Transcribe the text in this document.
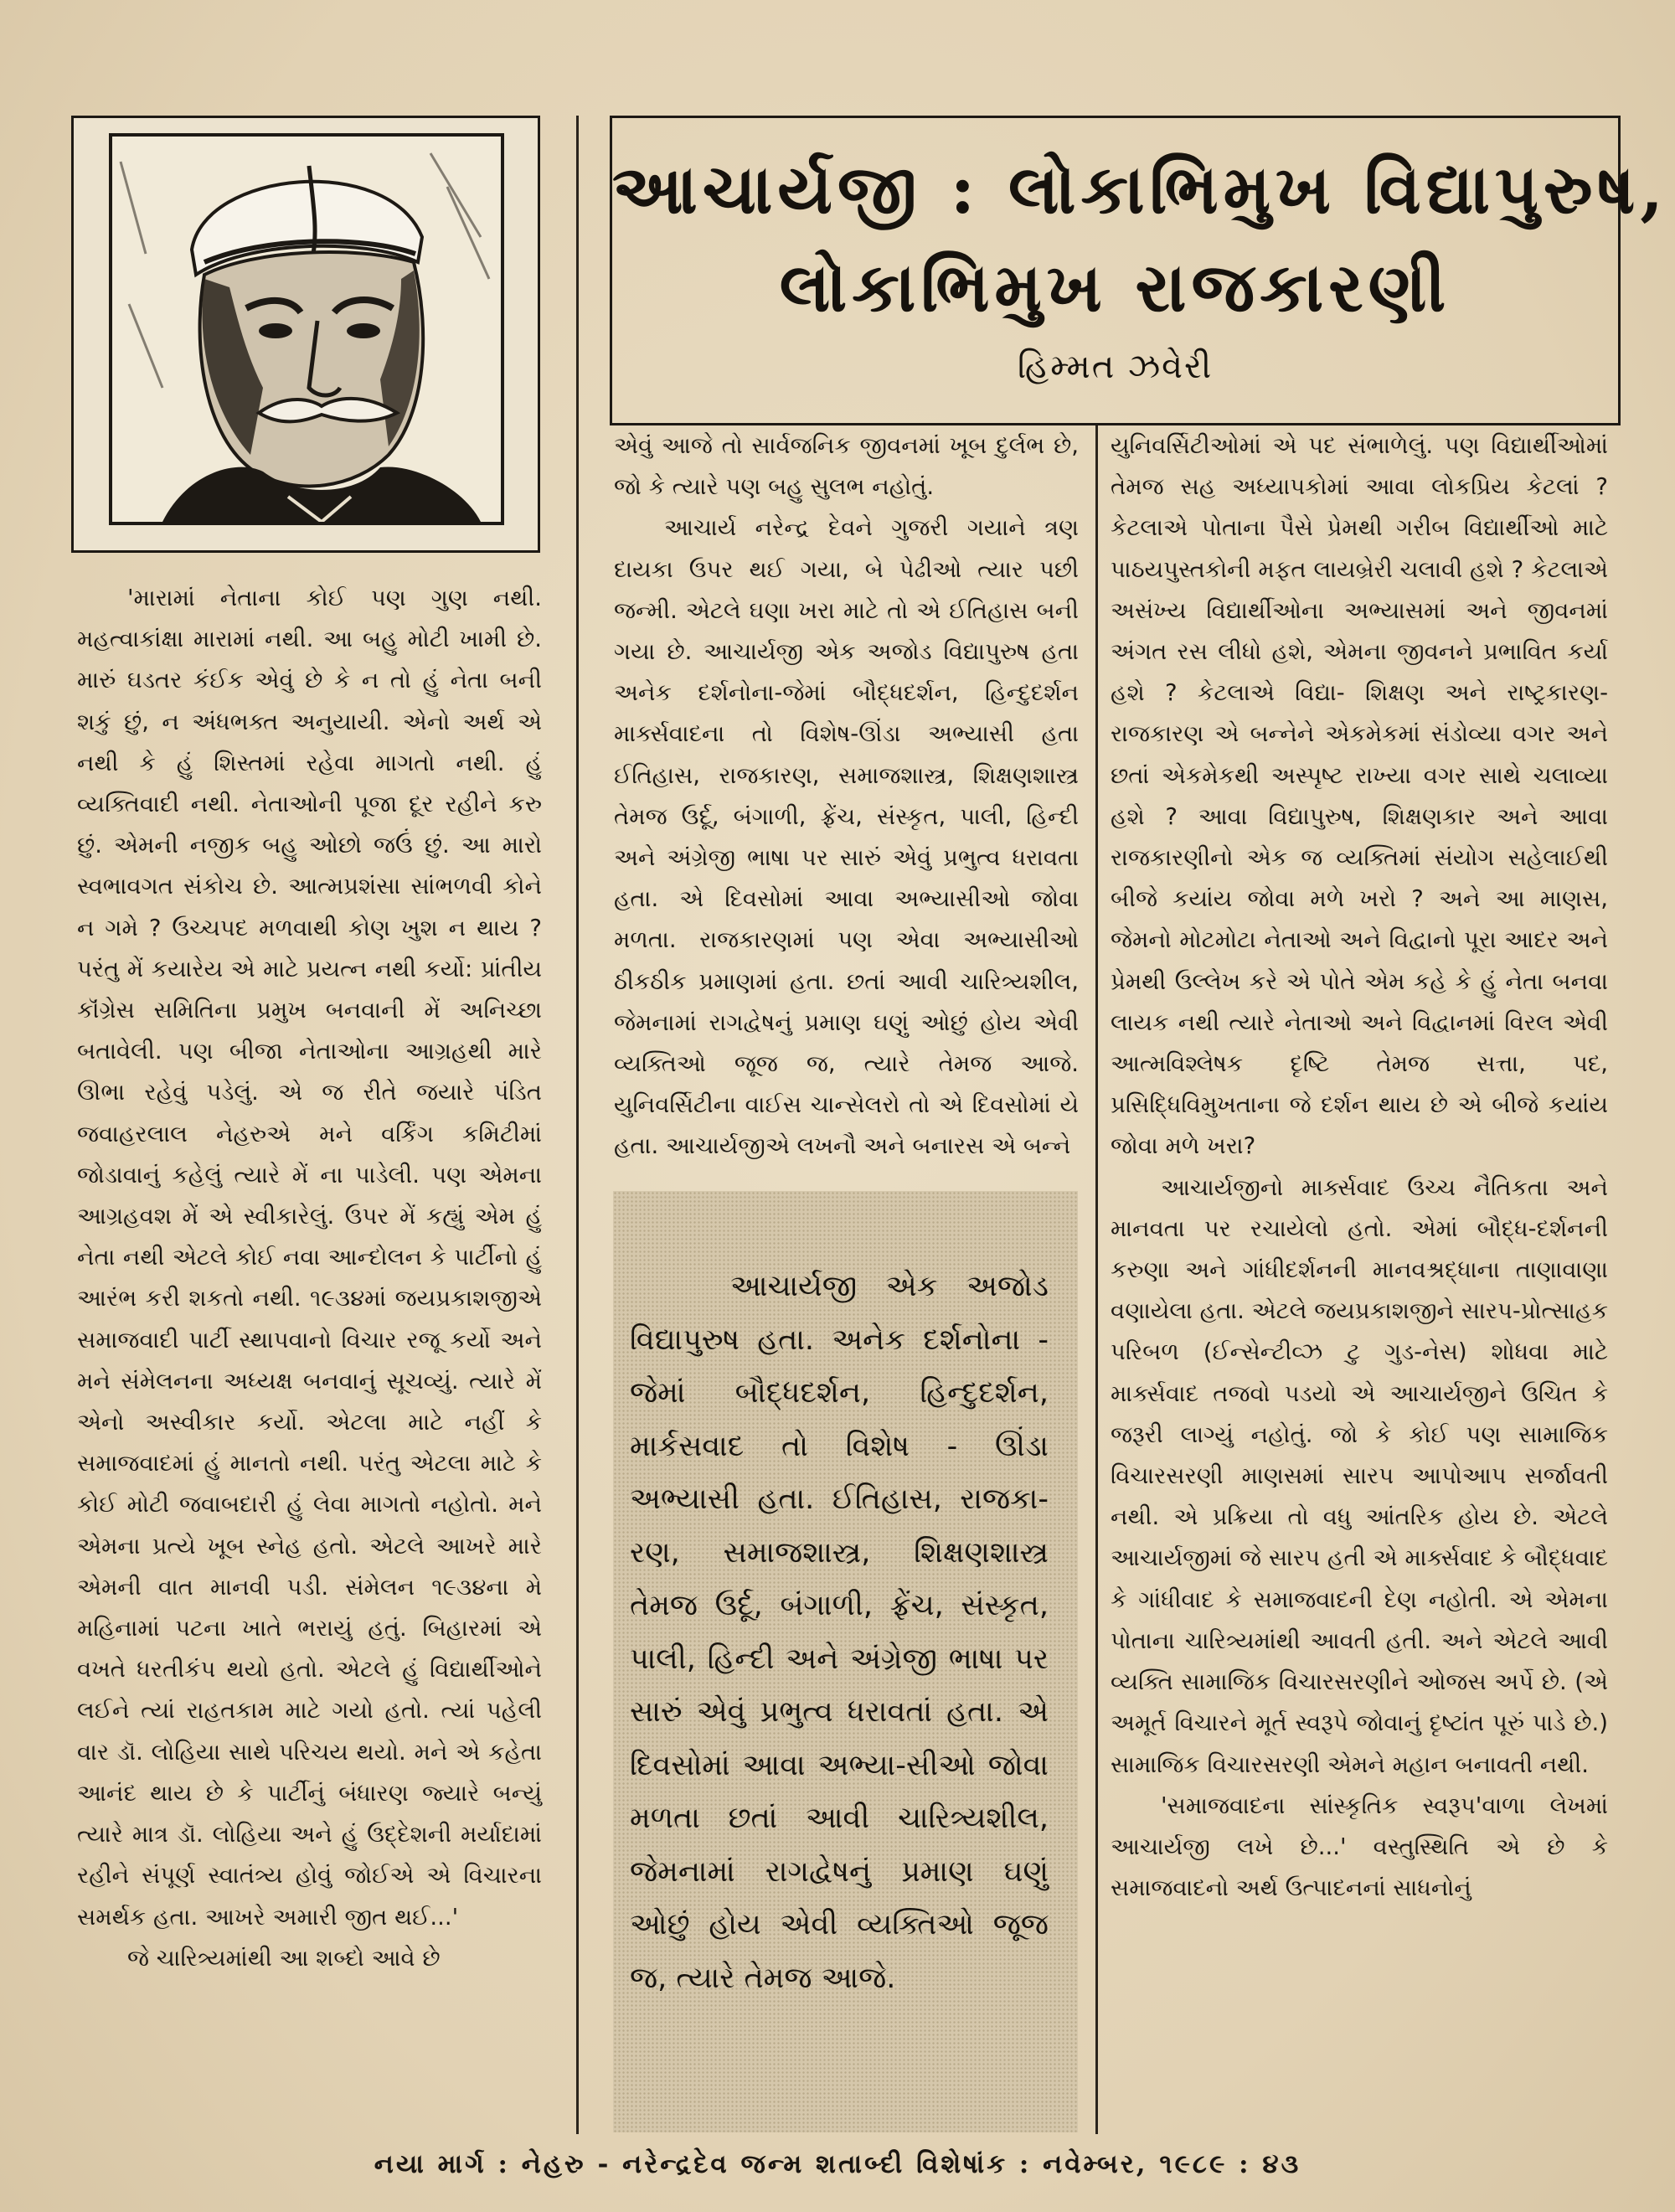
આચાર્યજી : લોકાભિમુખ વિદ્યાપુરુષ,
લોકાભિમુખ રાજકારણી
હિમ્મત ઝવેરી

'મારામાં નેતાના કોઈ પણ ગુણ નથી. મહત્વાકાંક્ષા મારામાં નથી. આ બહુ મોટી ખામી છે. મારું ઘડતર કંઈક એવું છે કે ન તો હું નેતા બની શકું છું, ન અંધભક્ત અનુયાયી. એનો અર્થ એ નથી કે હું શિસ્તમાં રહેવા માગતો નથી. હું વ્યક્તિવાદી નથી. નેતાઓની પૂજા દૂર રહીને કરુ છું. એમની નજીક બહુ ઓછો જઉં છું. આ મારો સ્વભાવગત સંકોચ છે. આત્મપ્રશંસા સાંભળવી કોને ન ગમે ? ઉચ્ચપદ મળવાથી કોણ ખુશ ન થાય ? પરંતુ મેં કયારેય એ માટે પ્રયત્ન નથી કર્યો: પ્રાંતીય કૉંગ્રેસ સમિતિના પ્રમુખ બનવાની મેં અનિચ્છા બતાવેલી. પણ બીજા નેતાઓના આગ્રહથી મારે ઊભા રહેવું પડેલું. એ જ રીતે જયારે પંડિત જવાહરલાલ નેહરુએ મને વર્કિંગ કમિટીમાં જોડાવાનું કહેલું ત્યારે મેં ના પાડેલી. પણ એમના આગ્રહવશ મેં એ સ્વીકારેલું. ઉપર મેં કહ્યું એમ હું નેતા નથી એટલે કોઈ નવા આન્દોલન કે પાર્ટીનો હું આરંભ કરી શકતો નથી. ૧૯૩૪માં જયપ્રકાશજીએ સમાજવાદી પાર્ટી સ્થાપવાનો વિચાર રજૂ કર્યો અને મને સંમેલનના અધ્યક્ષ બનવાનું સૂચવ્યું. ત્યારે મેં એનો અસ્વીકાર કર્યો. એટલા માટે નહીં કે સમાજવાદમાં હું માનતો નથી. પરંતુ એટલા માટે કે કોઈ મોટી જવાબદારી હું લેવા માગતો નહોતો. મને એમના પ્રત્યે ખૂબ સ્નેહ હતો. એટલે આખરે મારે એમની વાત માનવી પડી. સંમેલન ૧૯૩૪ના મે મહિનામાં પટના ખાતે ભરાયું હતું. બિહારમાં એ વખતે ધરતીકંપ થયો હતો. એટલે હું વિદ્યાર્થીઓને લઈને ત્યાં રાહતકામ માટે ગયો હતો. ત્યાં પહેલી વાર ડૉ. લોહિયા સાથે પરિચય થયો. મને એ કહેતા આનંદ થાય છે કે પાર્ટીનું બંધારણ જ્યારે બન્યું ત્યારે માત્ર ડૉ. લોહિયા અને હું ઉદ્દેશની મર્યાદામાં રહીને સંપૂર્ણ સ્વાતંત્ર્ય હોવું જોઈએ એ વિચારના સમર્થક હતા. આખરે અમારી જીત થઈ...'

જે ચારિત્ર્યમાંથી આ શબ્દો આવે છે

એવું આજે તો સાર્વજનિક જીવનમાં ખૂબ દુર્લભ છે, જો કે ત્યારે પણ બહુ સુલભ નહોતું.

આચાર્ય નરેન્દ્ર દેવને ગુજરી ગયાને ત્રણ દાયકા ઉપર થઈ ગયા, બે પેઢીઓ ત્યાર પછી જન્મી. એટલે ઘણા ખરા માટે તો એ ઈતિહાસ બની ગયા છે. આચાર્યજી એક અજોડ વિદ્યાપુરુષ હતા અનેક દર્શનોના-જેમાં બૌદ્ધદર્શન, હિન્દુદર્શન માર્ક્સવાદના તો વિશેષ-ઊંડા અભ્યાસી હતા ઈતિહાસ, રાજકારણ, સમાજશાસ્ત્ર, શિક્ષણશાસ્ત્ર તેમજ ઉર્દૂ, બંગાળી, ફ્રેંચ, સંસ્કૃત, પાલી, હિન્દી અને અંગ્રેજી ભાષા પર સારું એવું પ્રભુત્વ ધરાવતા હતા. એ દિવસોમાં આવા અભ્યાસીઓ જોવા મળતા. રાજકારણમાં પણ એવા અભ્યાસીઓ ઠીકઠીક પ્રમાણમાં હતા. છતાં આવી ચારિત્ર્યશીલ, જેમનામાં રાગદ્વેષનું પ્રમાણ ઘણું ઓછું હોય એવી વ્યક્તિઓ જૂજ જ, ત્યારે તેમજ આજે. યુનિવર્સિટીના વાઈસ ચાન્સેલરો તો એ દિવસોમાં યે હતા. આચાર્યજીએ લખનૌ અને બનારસ એ બન્ને

આચાર્યજી એક અજોડ વિદ્યાપુરુષ હતા. અનેક દર્શનોના - જેમાં બૌદ્ધદર્શન, હિન્દુદર્શન, માર્કસવાદ તો વિશેષ - ઊંડા અભ્યાસી હતા. ઈતિહાસ, રાજકા-રણ, સમાજશાસ્ત્ર, શિક્ષણશાસ્ત્ર તેમજ ઉર્દૂ, બંગાળી, ફ્રેંચ, સંસ્કૃત, પાલી, હિન્દી અને અંગ્રેજી ભાષા પર સારું એવું પ્રભુત્વ ધરાવતાં હતા. એ દિવસોમાં આવા અભ્યા-સીઓ જોવા મળતા છતાં આવી ચારિત્ર્યશીલ, જેમનામાં રાગદ્વેષનું પ્રમાણ ઘણું ઓછું હોય એવી વ્યક્તિઓ જૂજ જ, ત્યારે તેમજ આજે.

યુનિવર્સિટીઓમાં એ પદ સંભાળેલું. પણ વિદ્યાર્થીઓમાં તેમજ સહ અધ્યાપકોમાં આવા લોકપ્રિય કેટલાં ? કેટલાએ પોતાના પૈસે પ્રેમથી ગરીબ વિદ્યાર્થીઓ માટે પાઠયપુસ્તકોની મફત લાયબ્રેરી ચલાવી હશે ? કેટલાએ અસંખ્ય વિદ્યાર્થીઓના અભ્યાસમાં અને જીવનમાં અંગત રસ લીધો હશે, એમના જીવનને પ્રભાવિત કર્યા હશે ? કેટલાએ વિદ્યા- શિક્ષણ અને રાષ્ટ્રકારણ-રાજકારણ એ બન્નેને એકમેકમાં સંડોવ્યા વગર અને છતાં એકમેકથી અસ્પૃષ્ટ રાખ્યા વગર સાથે ચલાવ્યા હશે ? આવા વિદ્યાપુરુષ, શિક્ષણકાર અને આવા રાજકારણીનો એક જ વ્યક્તિમાં સંયોગ સહેલાઈથી બીજે કયાંય જોવા મળે ખરો ? અને આ માણસ, જેમનો મોટમોટા નેતાઓ અને વિદ્વાનો પૂરા આદર અને પ્રેમથી ઉલ્લેખ કરે એ પોતે એમ કહે કે હું નેતા બનવા લાયક નથી ત્યારે નેતાઓ અને વિદ્વાનમાં વિરલ એવી આત્મવિશ્લેષક દૃષ્ટિ તેમજ સત્તા, પદ, પ્રસિદ્ધિવિમુખતાના જે દર્શન થાય છે એ બીજે કયાંય જોવા મળે ખરા?

આચાર્યજીનો માર્ક્સવાદ ઉચ્ચ નૈતિકતા અને માનવતા પર રચાયેલો હતો. એમાં બૌદ્ધ-દર્શનની કરુણા અને ગાંધીદર્શનની માનવશ્રદ્ધાના તાણાવાણા વણાયેલા હતા. એટલે જયપ્રકાશજીને સારપ-પ્રોત્સાહક પરિબળ (ઈન્સેન્ટીવ્ઝ ટુ ગુડ-નેસ) શોધવા માટે માર્ક્સવાદ તજવો પડયો એ આચાર્યજીને ઉચિત કે જરૂરી લાગ્યું નહોતું. જો કે કોઈ પણ સામાજિક વિચારસરણી માણસમાં સારપ આપોઆપ સર્જાવતી નથી. એ પ્રક્રિયા તો વધુ આંતરિક હોય છે. એટલે આચાર્યજીમાં જે સારપ હતી એ માર્ક્સવાદ કે બૌદ્ધવાદ કે ગાંધીવાદ કે સમાજવાદની દેણ નહોતી. એ એમના પોતાના ચારિત્ર્યમાંથી આવતી હતી. અને એટલે આવી વ્યક્તિ સામાજિક વિચારસરણીને ઓજસ અર્પે છે. (એ અમૂર્ત વિચારને મૂર્ત સ્વરૂપે જોવાનું દૃષ્ટાંત પૂરું પાડે છે.) સામાજિક વિચારસરણી એમને મહાન બનાવતી નથી.

'સમાજવાદના સાંસ્કૃતિક સ્વરૂપ'વાળા લેખમાં આચાર્યજી લખે છે...' વસ્તુસ્થિતિ એ છે કે સમાજવાદનો અર્થ ઉત્પાદનનાં સાધનોનું

નયા માર્ગ : નેહરુ - નરેન્દ્રદેવ જન્મ શતાબ્દી વિશેષાંક : નવેમ્બર, ૧૯૮૯ : ૪૩
